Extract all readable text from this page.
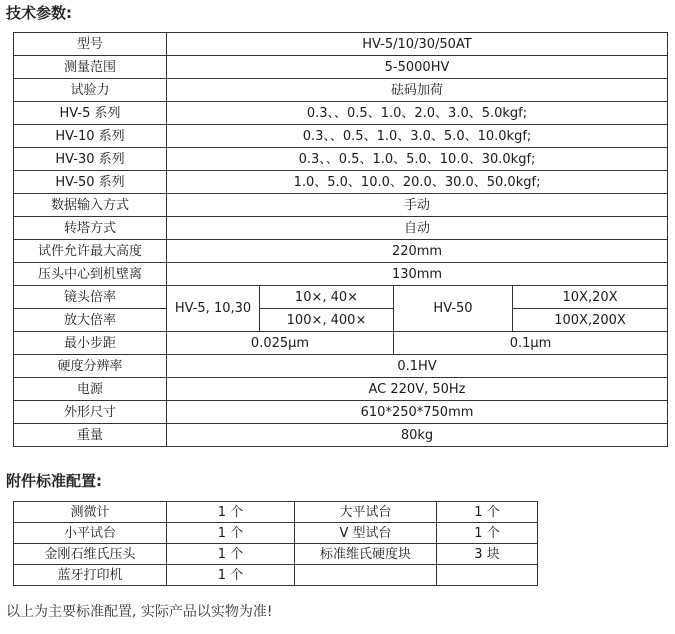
技术参数:
型号	HV-5/10/30/50AT			
测量范围	5-5000HV			
试验力	砝码加荷			
HV-5 系列	0.3、、0.5、1.0、2.0、3.0、5.0kgf;			
HV-10 系列	0.3、、0.5、1.0、3.0、5.0、10.0kgf;			
HV-30 系列	0.3、、0.5、1.0、5.0、10.0、30.0kgf;			
HV-50 系列	1.0、5.0、10.0、20.0、30.0、50.0kgf;			
数据输入方式	手动			
转塔方式	自动			
试件允许最大高度	220mm			
压头中心到机壁离	130mm			
镜头倍率	HV-5, 10,30	10×, 40×	HV-50	10X,20X
放大倍率		100×, 400×		100X,200X
最小步距	0.025μm		0.1μm	
硬度分辨率	0.1HV			
电源	AC 220V, 50Hz			
外形尺寸	610*250*750mm			
重量	80kg			
附件标准配置:
测微计	1 个	大平试台	1 个
小平试台	1 个	V 型试台	1 个
金刚石维氏压头	1 个	标准维氏硬度块	3 块
蓝牙打印机	1 个		
以上为主要标准配置, 实际产品以实物为准!
